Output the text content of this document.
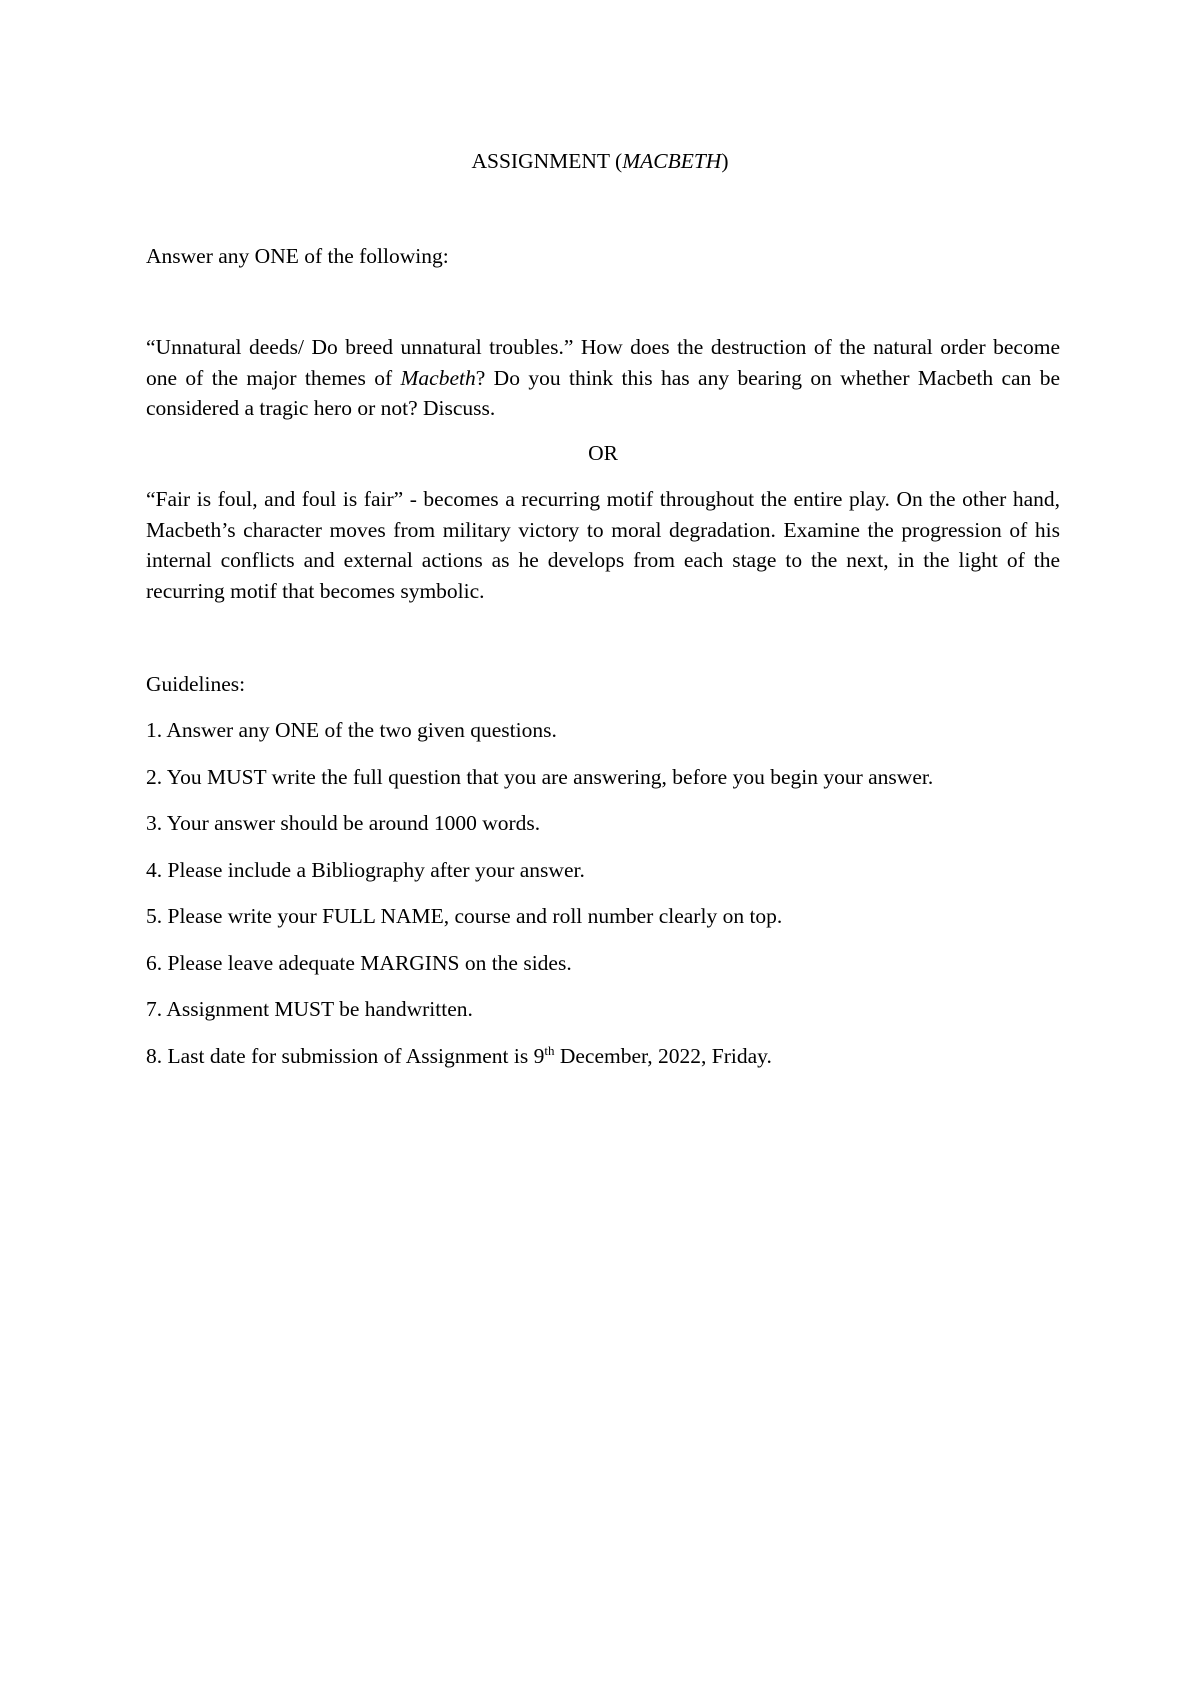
ASSIGNMENT (MACBETH)
Answer any ONE of the following:
“Unnatural deeds/ Do breed unnatural troubles.” How does the destruction of the natural order become one of the major themes of Macbeth? Do you think this has any bearing on whether Macbeth can be considered a tragic hero or not? Discuss.
OR
“Fair is foul, and foul is fair” - becomes a recurring motif throughout the entire play. On the other hand, Macbeth’s character moves from military victory to moral degradation. Examine the progression of his internal conflicts and external actions as he develops from each stage to the next, in the light of the recurring motif that becomes symbolic.
Guidelines:
1. Answer any ONE of the two given questions.
2. You MUST write the full question that you are answering, before you begin your answer.
3. Your answer should be around 1000 words.
4. Please include a Bibliography after your answer.
5. Please write your FULL NAME, course and roll number clearly on top.
6. Please leave adequate MARGINS on the sides.
7. Assignment MUST be handwritten.
8. Last date for submission of Assignment is 9th December, 2022, Friday.
